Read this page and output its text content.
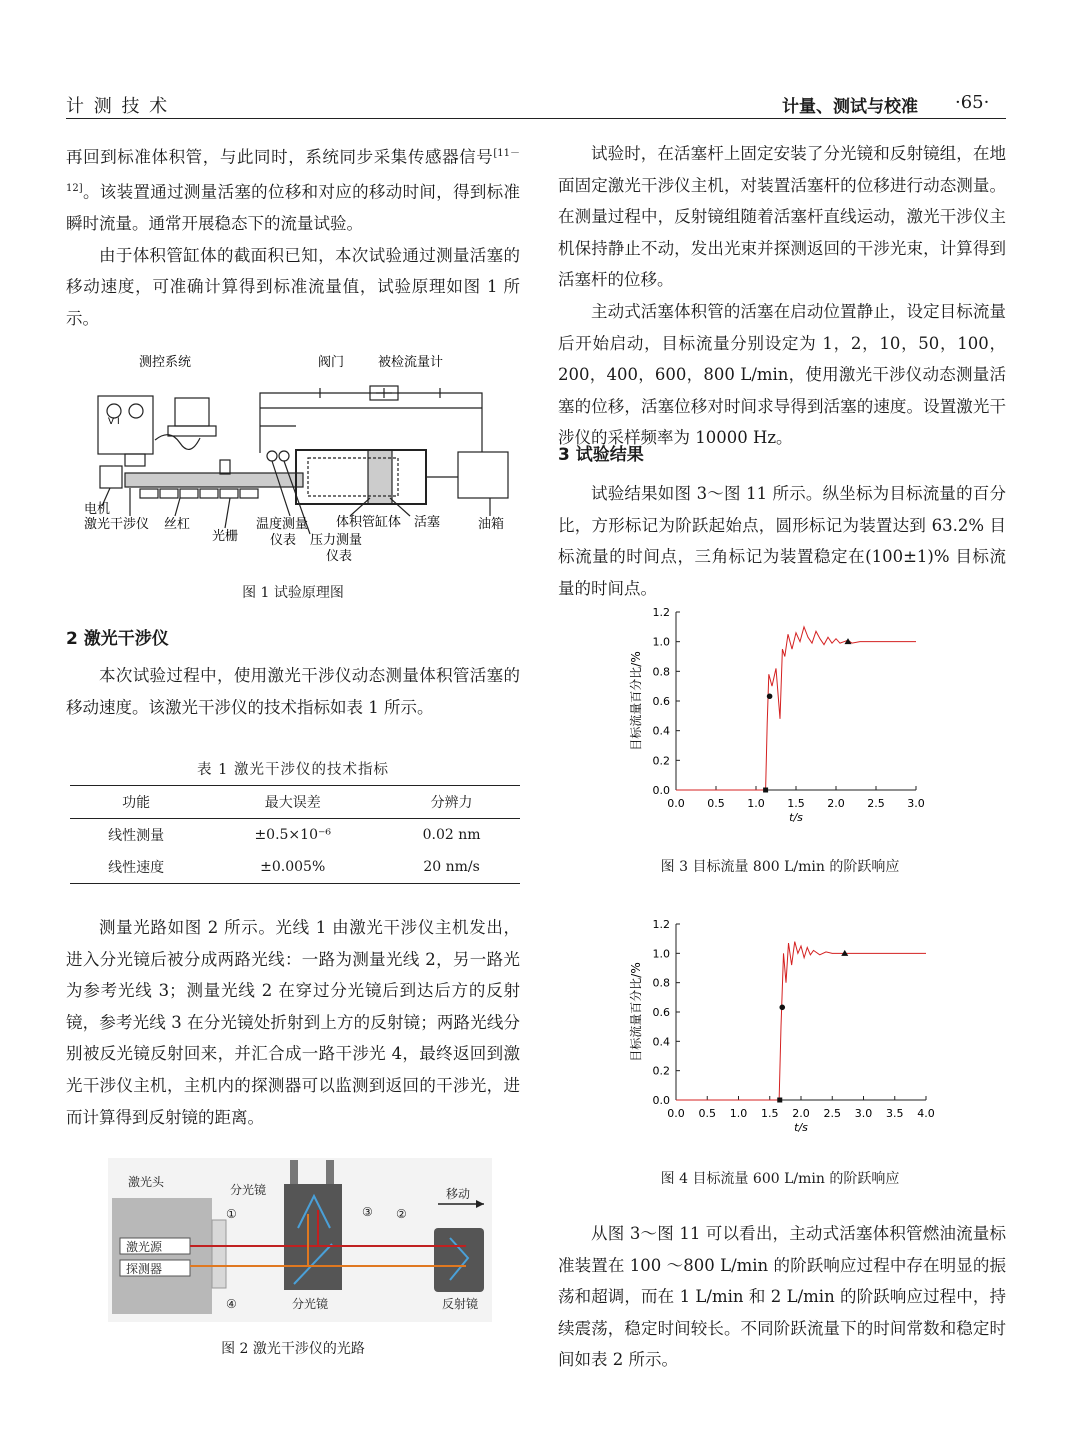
计 测 技 术	计量、测试与校准 ·65·

再回到标准体积管，与此同时，系统同步采集传感器信号[11－12]。该装置通过测量活塞的位移和对应的移动时间，得到标准瞬时流量。通常开展稳态下的流量试验。

由于体积管缸体的截面积已知，本次试验通过测量活塞的移动速度，可准确计算得到标准流量值，试验原理如图 1 所示。

测控系统	阀门	被检流量计
V I
电机
激光干涉仪 丝杠
光栅
温度测量
仪表 压力测量
仪表
体积管缸体 活塞	油箱
图 1 试验原理图
2 激光干涉仪

本次试验过程中，使用激光干涉仪动态测量体积管活塞的移动速度。该激光干涉仪的技术指标如表 1 所示。

表 1 激光干涉仪的技术指标
功能	最大误差	分辨力
线性测量	±0.5×10⁻⁶	0.02 nm
线性速度	±0.005%	20 nm/s

测量光路如图 2 所示。光线 1 由激光干涉仪主机发出，进入分光镜后被分成两路光线：一路为测量光线 2，另一路光为参考光线 3；测量光线 2 在穿过分光镜后到达后方的反射镜，参考光线 3 在分光镜处折射到上方的反射镜；两路光线分别被反光镜反射回来，并汇合成一路干涉光 4，最终返回到激光干涉仪主机，主机内的探测器可以监测到返回的干涉光，进而计算得到反射镜的距离。

激光头
激光源
探测器
分光镜
分光镜	反射镜
移动
①	②
③
④
图 2 激光干涉仪的光路

试验时，在活塞杆上固定安装了分光镜和反射镜组，在地面固定激光干涉仪主机，对装置活塞杆的位移进行动态测量。在测量过程中，反射镜组随着活塞杆直线运动，激光干涉仪主机保持静止不动，发出光束并探测返回的干涉光束，计算得到活塞杆的位移。

主动式活塞体积管的活塞在启动位置静止，设定目标流量后开始启动，目标流量分别设定为 1，2，10，50，100，200，400，600，800 L/min，使用激光干涉仪动态测量活塞的位移，活塞位移对时间求导得到活塞的速度。设置激光干涉仪的采样频率为 10000 Hz。

3 试验结果

试验结果如图 3～图 11 所示。纵坐标为目标流量的百分比，方形标记为阶跃起始点，圆形标记为装置达到 63.2% 目标流量的时间点，三角标记为装置稳定在(100±1)% 目标流量的时间点。

0.0
0.2
0.4
0.6
0.8
1.0
1.2
0.0 0.5 1.0 1.5 2.0 2.5 3.0
t/s
目标流量百分比/%
图 3 目标流量 800 L/min 的阶跃响应
0.0
0.2
0.4
0.6
0.8
1.0
1.2
0.0 0.5 1.0 1.5 2.0 2.5 3.0 3.5 4.0
t/s
目标流量百分比/%
图 4 目标流量 600 L/min 的阶跃响应

从图 3～图 11 可以看出，主动式活塞体积管燃油流量标准装置在 100 ～800 L/min 的阶跃响应过程中存在明显的振荡和超调，而在 1 L/min 和 2 L/min 的阶跃响应过程中，持续震荡，稳定时间较长。不同阶跃流量下的时间常数和稳定时间如表 2 所示。
